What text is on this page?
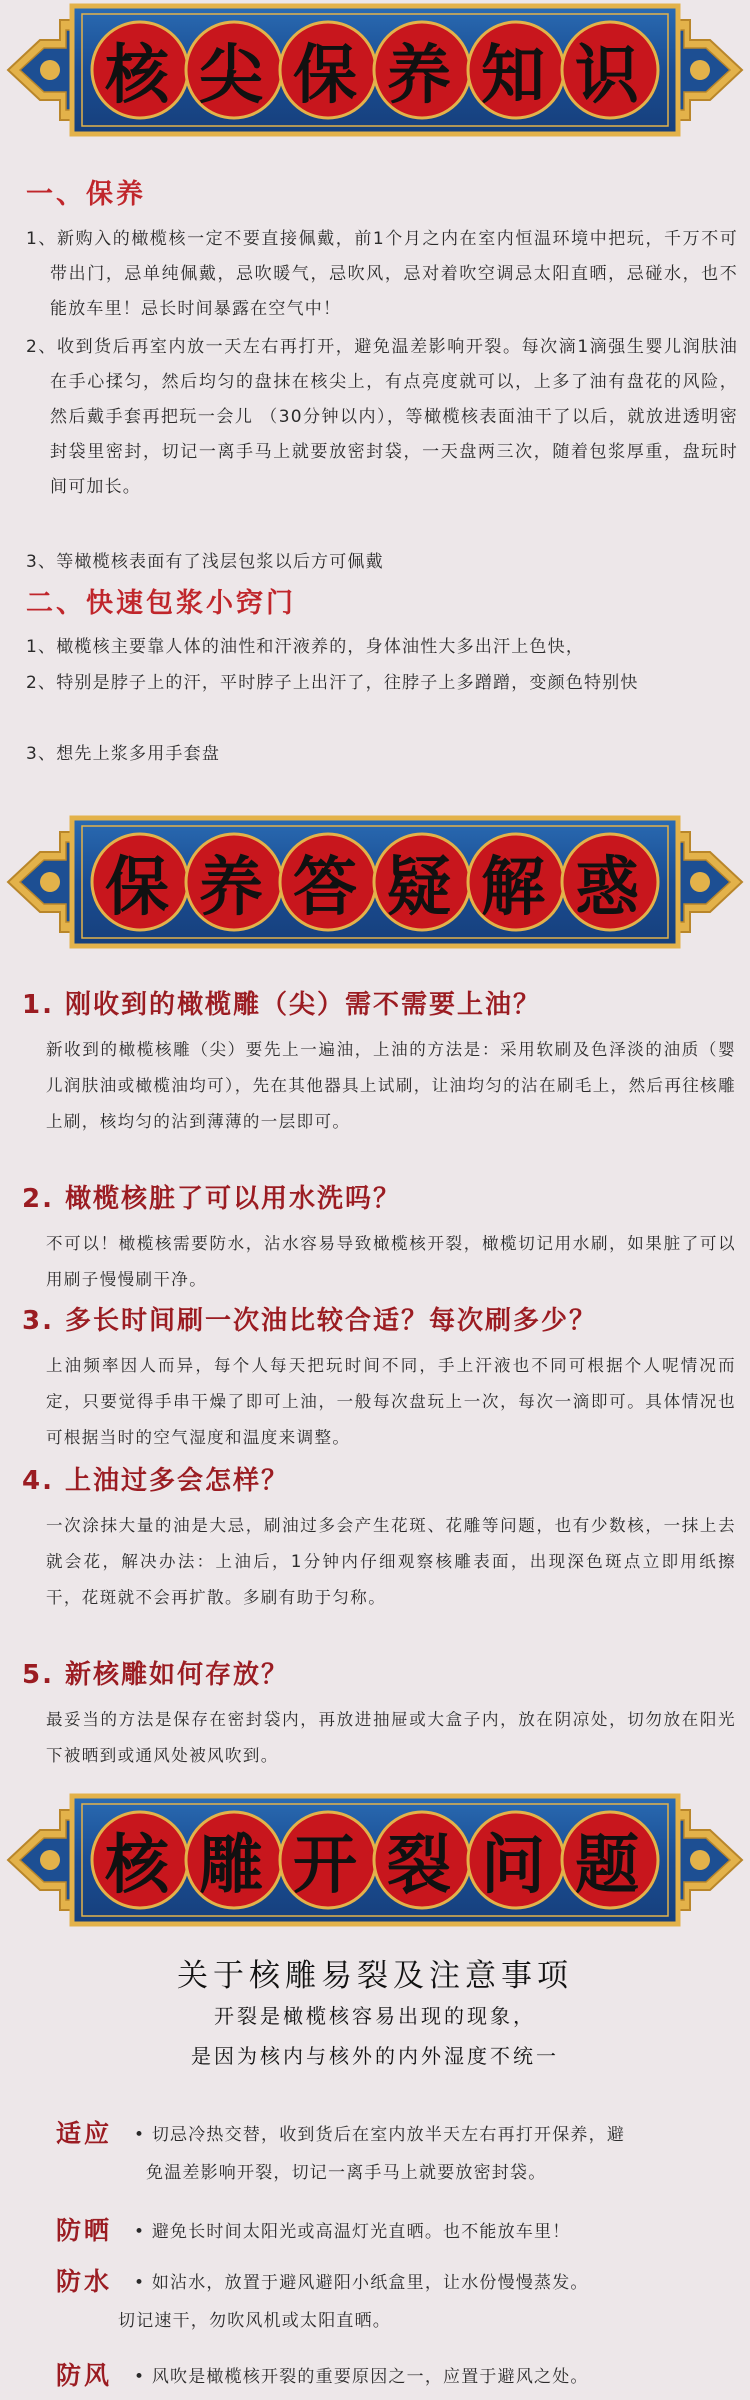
核 尖 保 养 知 识
一、保养
1、新购入的橄榄核一定不要直接佩戴，前1个月之内在室内恒温环境中把玩，千万不可带出门，忌单纯佩戴，忌吹暖气，忌吹风，忌对着吹空调忌太阳直晒，忌碰水，也不能放车里！忌长时间暴露在空气中！
2、收到货后再室内放一天左右再打开，避免温差影响开裂。每次滴1滴强生婴儿润肤油在手心揉匀，然后均匀的盘抹在核尖上，有点亮度就可以，上多了油有盘花的风险，然后戴手套再把玩一会儿 （30分钟以内），等橄榄核表面油干了以后，就放进透明密封袋里密封，切记一离手马上就要放密封袋，一天盘两三次，随着包浆厚重，盘玩时间可加长。
3、等橄榄核表面有了浅层包浆以后方可佩戴
二、快速包浆小窍门
1、橄榄核主要靠人体的油性和汗液养的，身体油性大多出汗上色快，
2、特别是脖子上的汗，平时脖子上出汗了，往脖子上多蹭蹭，变颜色特别快
3、想先上浆多用手套盘
保 养 答 疑 解 惑
1. 刚收到的橄榄雕（尖）需不需要上油？
新收到的橄榄核雕（尖）要先上一遍油，上油的方法是：采用软刷及色泽淡的油质（婴儿润肤油或橄榄油均可），先在其他器具上试刷，让油均匀的沾在刷毛上，然后再往核雕上刷，核均匀的沾到薄薄的一层即可。
2. 橄榄核脏了可以用水洗吗？
不可以！橄榄核需要防水，沾水容易导致橄榄核开裂，橄榄切记用水刷，如果脏了可以用刷子慢慢刷干净。
3. 多长时间刷一次油比较合适？每次刷多少？
上油频率因人而异，每个人每天把玩时间不同，手上汗液也不同可根据个人呢情况而定，只要觉得手串干燥了即可上油，一般每次盘玩上一次，每次一滴即可。具体情况也可根据当时的空气湿度和温度来调整。
4. 上油过多会怎样？
一次涂抹大量的油是大忌，刷油过多会产生花斑、花雕等问题，也有少数核，一抹上去就会花，解决办法：上油后，1分钟内仔细观察核雕表面，出现深色斑点立即用纸擦干，花斑就不会再扩散。多刷有助于匀称。
5. 新核雕如何存放？
最妥当的方法是保存在密封袋内，再放进抽屉或大盒子内，放在阴凉处，切勿放在阳光下被晒到或通风处被风吹到。
核 雕 开 裂 问 题
关于核雕易裂及注意事项
开裂是橄榄核容易出现的现象，
是因为核内与核外的内外湿度不统一
适应 • 切忌冷热交替，收到货后在室内放半天左右再打开保养，避
免温差影响开裂，切记一离手马上就要放密封袋。
防晒 • 避免长时间太阳光或高温灯光直晒。也不能放车里！
防水 • 如沾水，放置于避风避阳小纸盒里，让水份慢慢蒸发。
切记速干，勿吹风机或太阳直晒。
防风 • 风吹是橄榄核开裂的重要原因之一，应置于避风之处。
